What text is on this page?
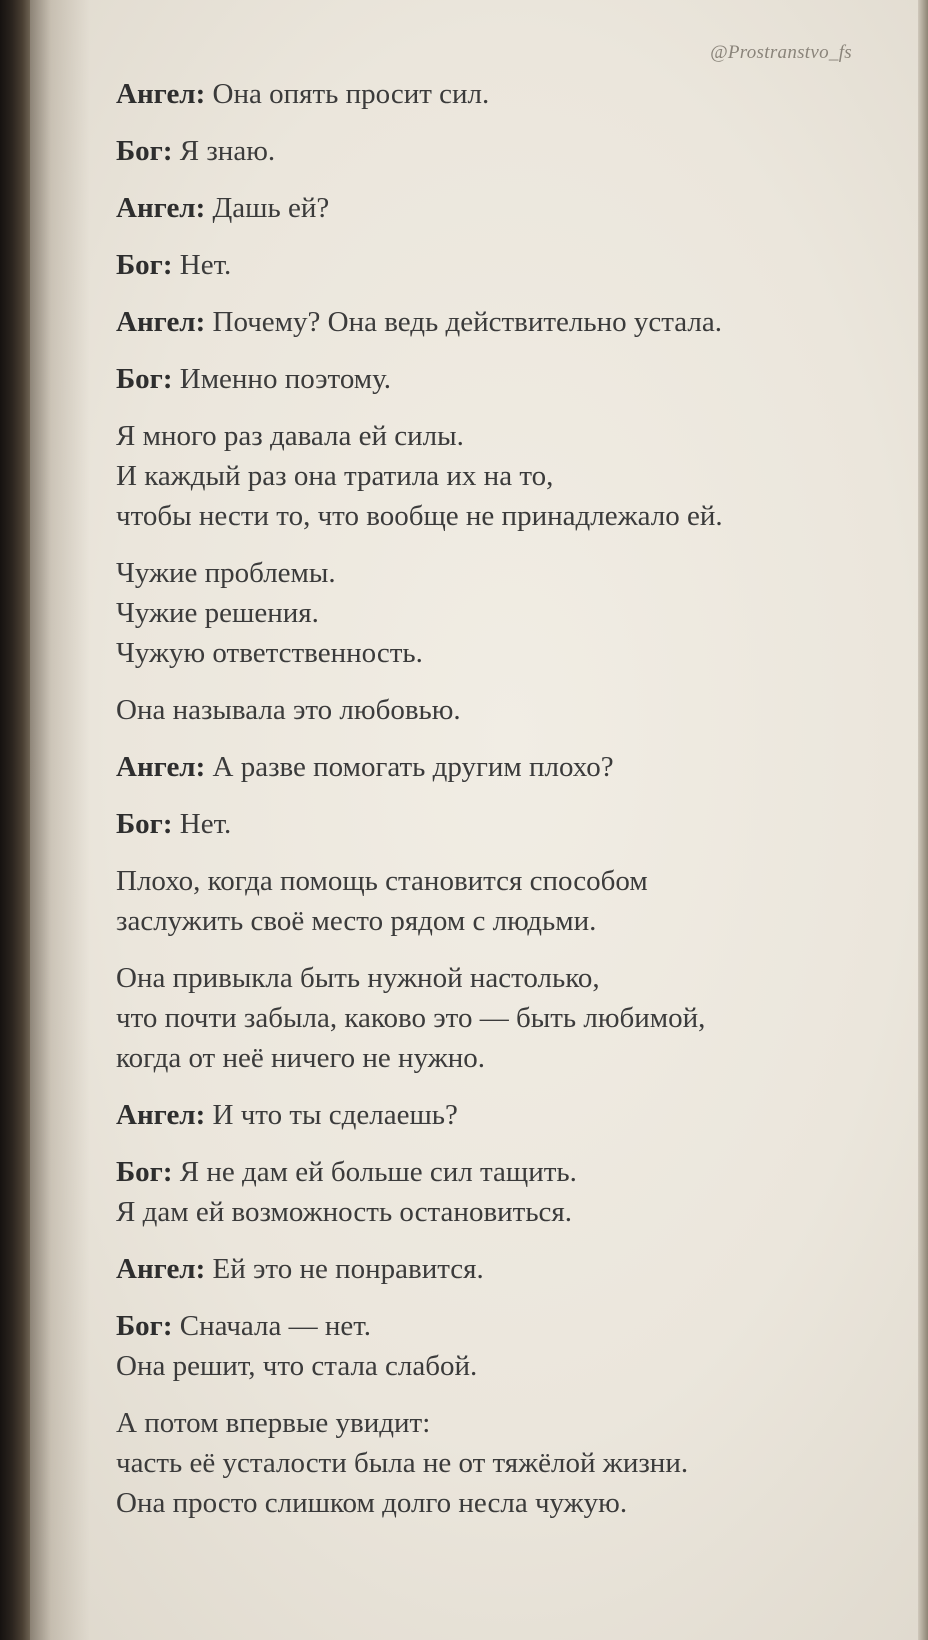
@Prostranstvo_fs
Ангел: Она опять просит сил.
Бог: Я знаю.
Ангел: Дашь ей?
Бог: Нет.
Ангел: Почему? Она ведь действительно устала.
Бог: Именно поэтому.
Я много раз давала ей силы.
И каждый раз она тратила их на то,
чтобы нести то, что вообще не принадлежало ей.
Чужие проблемы.
Чужие решения.
Чужую ответственность.
Она называла это любовью.
Ангел: А разве помогать другим плохо?
Бог: Нет.
Плохо, когда помощь становится способом
заслужить своё место рядом с людьми.
Она привыкла быть нужной настолько,
что почти забыла, каково это — быть любимой,
когда от неё ничего не нужно.
Ангел: И что ты сделаешь?
Бог: Я не дам ей больше сил тащить.
Я дам ей возможность остановиться.
Ангел: Ей это не понравится.
Бог: Сначала — нет.
Она решит, что стала слабой.
А потом впервые увидит:
часть её усталости была не от тяжёлой жизни.
Она просто слишком долго несла чужую.
